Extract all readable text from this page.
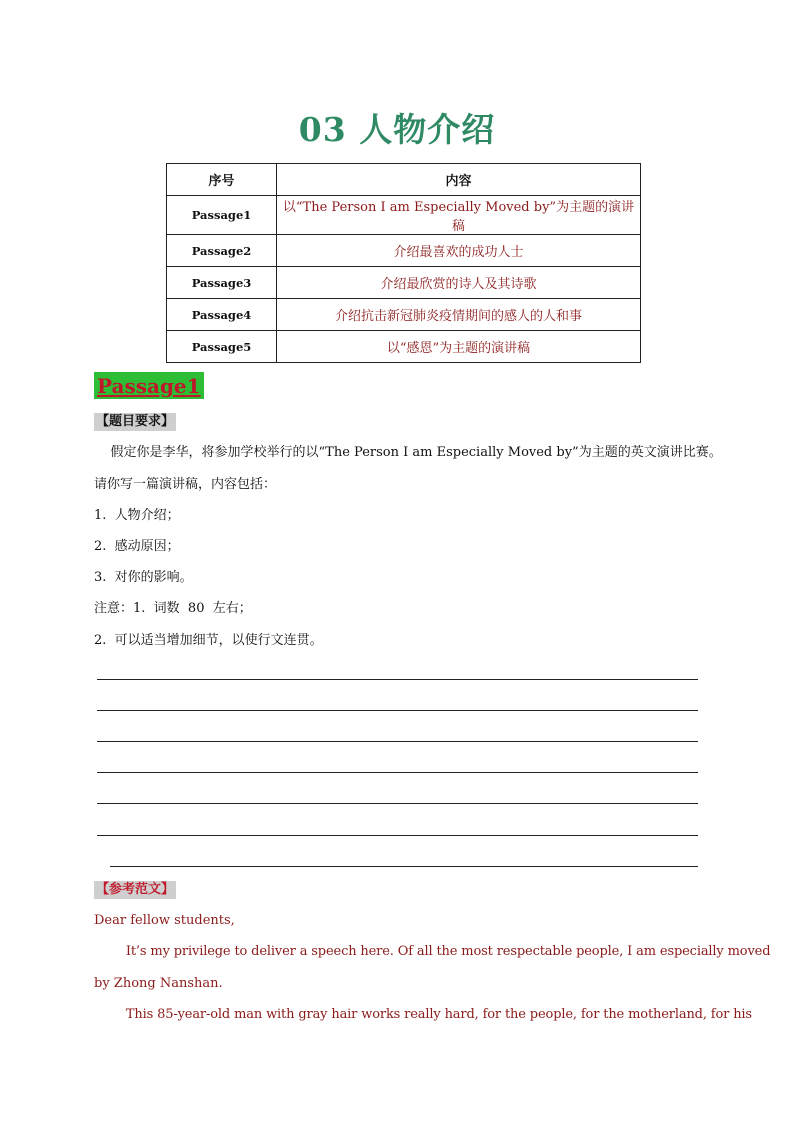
03 人物介绍
序号	内容
Passage1	以“The Person I am Especially Moved by”为主题的演讲稿
Passage2	介绍最喜欢的成功人士
Passage3	介绍最欣赏的诗人及其诗歌
Passage4	介绍抗击新冠肺炎疫情期间的感人的人和事
Passage5	以“感恩”为主题的演讲稿
Passage1
【题目要求】
假定你是李华，将参加学校举行的以“The Person I am Especially Moved by”为主题的英文演讲比赛。
请你写一篇演讲稿，内容包括：
1.  人物介绍；
2.  感动原因；
3.  对你的影响。
注意：1.  词数  80  左右；
2.  可以适当增加细节，以使行文连贯。
【参考范文】
Dear fellow students,
It’s my privilege to deliver a speech here. Of all the most respectable people, I am especially moved
by Zhong Nanshan.
This 85-year-old man with gray hair works really hard, for the people, for the motherland, for his
